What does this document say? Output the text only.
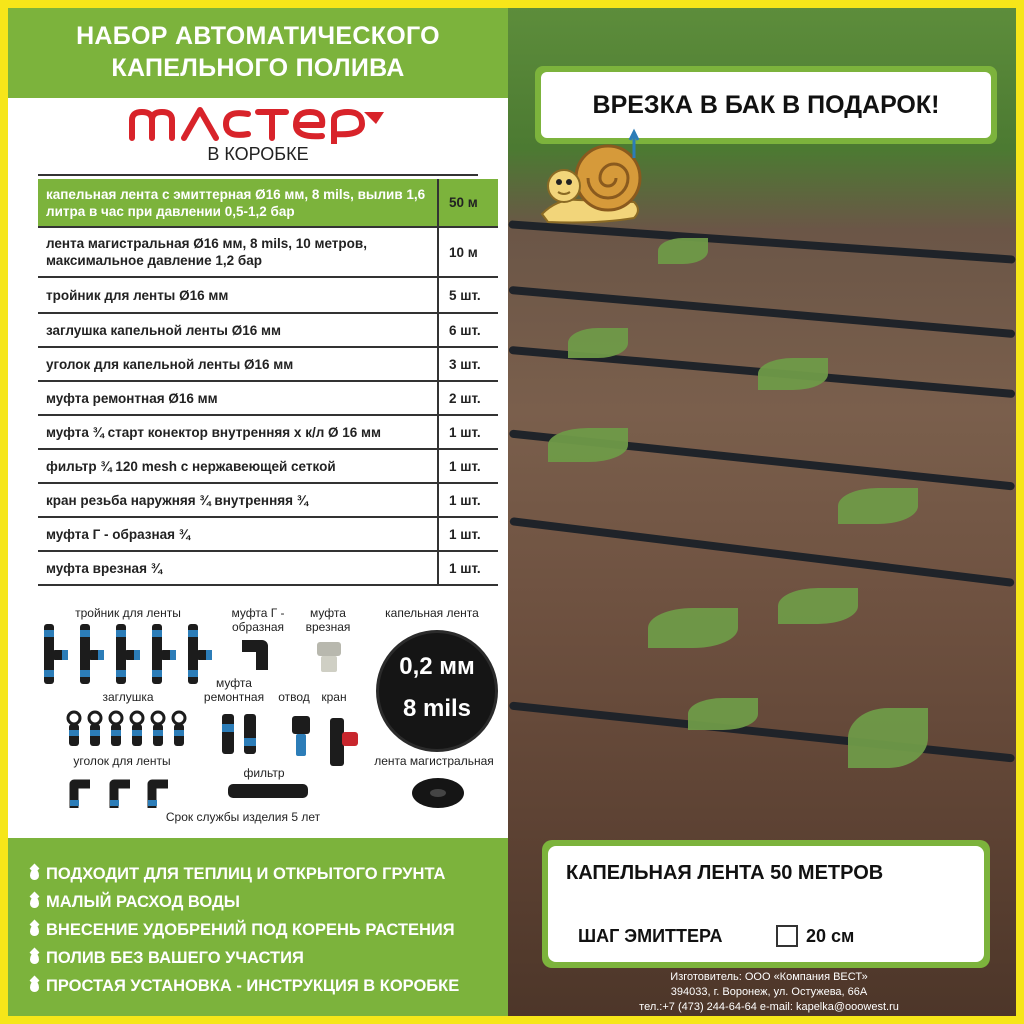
НАБОР АВТОМАТИЧЕСКОГО
КАПЕЛЬНОГО ПОЛИВА
В КОРОБКЕ
капельная лента с эмиттерная Ø16 мм, 8 mils, вылив 1,6 литра в час при давлении 0,5-1,2 бар	50 м
лента магистральная Ø16 мм, 8 mils, 10 метров, максимальное давление 1,2 бар	10 м
тройник для ленты Ø16 мм	5 шт.
заглушка капельной ленты Ø16 мм	6 шт.
уголок для капельной ленты Ø16 мм	3 шт.
муфта ремонтная Ø16 мм	2 шт.
муфта ¾ старт конектор внутренняя х к/л Ø 16 мм	1 шт.
фильтр ¾ 120 mesh с нержавеющей сеткой	1 шт.
кран резьба наружняя ¾ внутренняя ¾	1 шт.
муфта Г - образная ¾	1 шт.
муфта врезная ¾	1 шт.
тройник для ленты	муфта Г - образная
муфта врезная
капельная лента
заглушка
муфта ремонтная	отвод кран
уголок для ленты
фильтр
лента магистральная
0,2 мм
8 mils
Срок службы изделия 5 лет
ПОДХОДИТ ДЛЯ ТЕПЛИЦ И ОТКРЫТОГО ГРУНТА
МАЛЫЙ РАСХОД ВОДЫ
ВНЕСЕНИЕ УДОБРЕНИЙ ПОД КОРЕНЬ РАСТЕНИЯ
ПОЛИВ БЕЗ ВАШЕГО УЧАСТИЯ
ПРОСТАЯ УСТАНОВКА - ИНСТРУКЦИЯ В КОРОБКЕ
ВРЕЗКА В БАК В ПОДАРОК!
КАПЕЛЬНАЯ ЛЕНТА 50 МЕТРОВ
ШАГ ЭМИТТЕРА	20 см
Изготовитель: ООО «Компания ВЕСТ»
394033, г. Воронеж, ул. Остужева, 66А
тел.:+7 (473) 244-64-64 e-mail: kapelka@ooowest.ru
